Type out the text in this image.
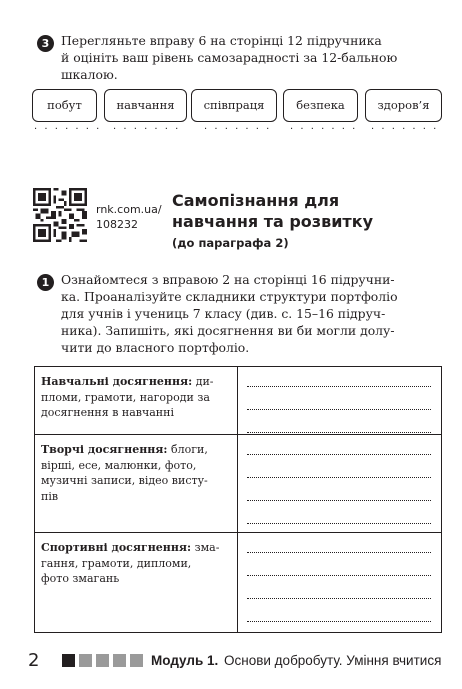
3 Перегляньте вправу 6 на сторінці 12 підручника
й оцініть ваш рівень самозарадності за 12-бальною
шкалою.
побут	навчання	співпраця	безпека	здоров’я
· · · · · · · · · · · · · · · · · · · · · · · · · · · · · · · · · · ·
rnk.com.ua/
108232
Самопізнання для
навчання та розвитку
(до параграфа 2)
1 Ознайомтеся з вправою 2 на сторінці 16 підручни-
ка. Проаналізуйте складники структури портфоліо
для учнів і учениць 7 класу (див. с. 15–16 підруч-
ника). Запишіть, які досягнення ви би могли долу-
чити до власного портфоліо.
Навчальні досягнення: ди-
пломи, грамоти, нагороди за
досягнення в навчанні	

Творчі досягнення: блоги,
вірші, есе, малюнки, фото,
музичні записи, відео висту-
пів	

Спортивні досягнення: зма-
гання, грамоти, дипломи,
фото змагань	
2	Модуль 1. Основи добробуту. Уміння вчитися
